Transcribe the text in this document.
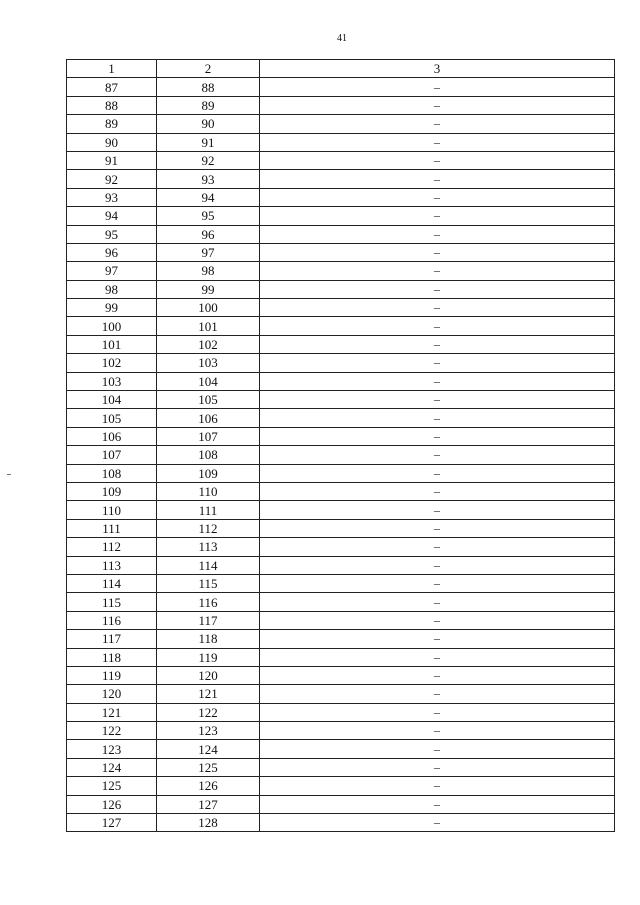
41
1	2	3
87	88	–
88	89	–
89	90	–
90	91	–
91	92	–
92	93	–
93	94	–
94	95	–
95	96	–
96	97	–
97	98	–
98	99	–
99	100	–
100	101	–
101	102	–
102	103	–
103	104	–
104	105	–
105	106	–
106	107	–
107	108	–
108	109	–
109	110	–
110	111	–
111	112	–
112	113	–
113	114	–
114	115	–
115	116	–
116	117	–
117	118	–
118	119	–
119	120	–
120	121	–
121	122	–
122	123	–
123	124	–
124	125	–
125	126	–
126	127	–
127	128	–
